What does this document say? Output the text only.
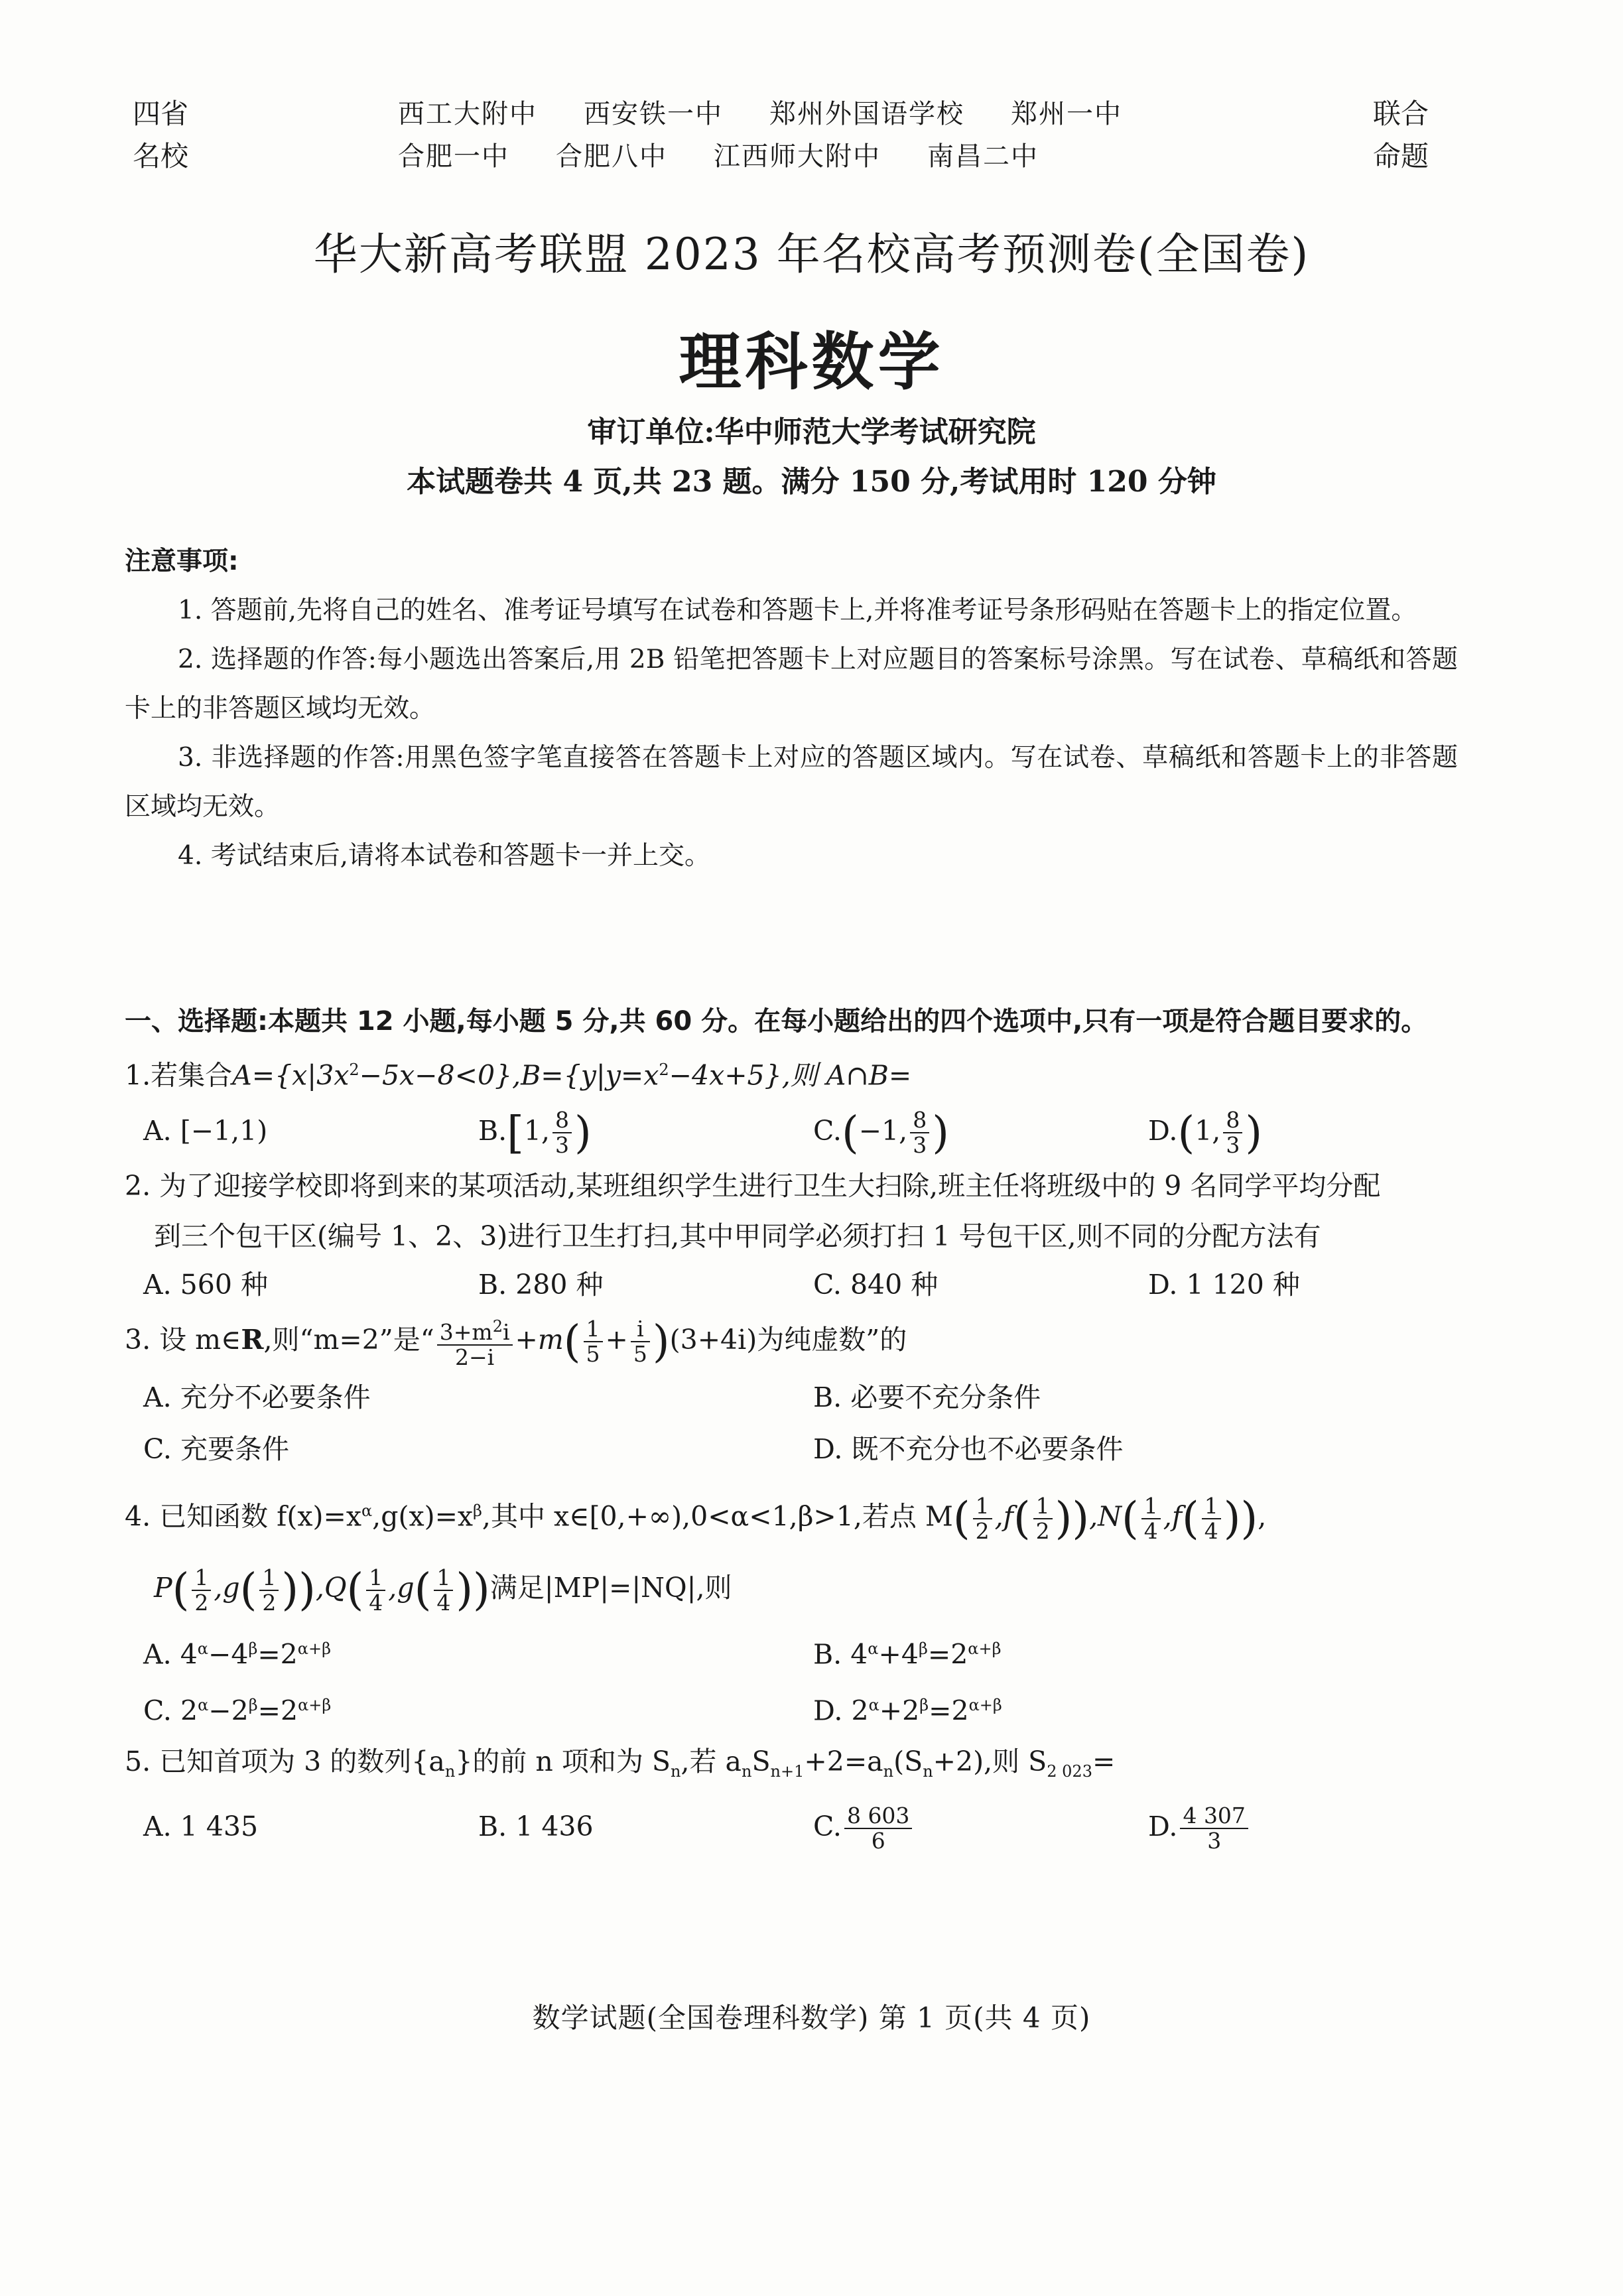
四省
名校
西工大附中 西安铁一中 郑州外国语学校 郑州一中
合肥一中 合肥八中 江西师大附中 南昌二中
联合
命题
华大新高考联盟 2023 年名校高考预测卷(全国卷)
理科数学
审订单位:华中师范大学考试研究院
本试题卷共 4 页,共 23 题。满分 150 分,考试用时 120 分钟
注意事项:

1. 答题前,先将自己的姓名、准考证号填写在试卷和答题卡上,并将准考证号条形码贴在答题卡上的指定位置。

2. 选择题的作答:每小题选出答案后,用 2B 铅笔把答题卡上对应题目的答案标号涂黑。写在试卷、草稿纸和答题卡上的非答题区域均无效。

3. 非选择题的作答:用黑色签字笔直接答在答题卡上对应的答题区域内。写在试卷、草稿纸和答题卡上的非答题区域均无效。

4. 考试结束后,请将本试卷和答题卡一并上交。

一、选择题:本题共 12 小题,每小题 5 分,共 60 分。在每小题给出的四个选项中,只有一项是符合题目要求的。
1.若集合$A=\{x|3x^2-5x-8<0\},B=\{y|y=x^2-4x+5\}$,则 A∩B=
A. [−1,1)	B.[1, $\frac{8}{3}$ )	C.(−1, $\frac{8}{3}$ )	D.(1, $\frac{8}{3}$ )
2. 为了迎接学校即将到来的某项活动,某班组织学生进行卫生大扫除,班主任将班级中的 9 名同学平均分配
到三个包干区(编号 1、2、3)进行卫生打扫,其中甲同学必须打扫 1 号包干区,则不同的分配方法有
A. 560 种	B. 280 种	C. 840 种	D. 1 120 种
3. 设 m∈R,则“m=2”是“ $\frac{3+m^2i}{2-i} +m( \frac{1}{5} + \frac{i}{5} )(3+4i)$为纯虚数”的
A. 充分不必要条件	B. 必要不充分条件
C. 充要条件	D. 既不充分也不必要条件
4. 已知函数 $f(x)=x^\alpha,g(x)=x^\beta$,其中 x∈[0,+∞),0<α<1,β>1,若点 $M( \frac{1}{2} ,f( \frac{1}{2} )),N( \frac{1}{4} ,f( \frac{1}{4}$ )),
$P( \frac{1}{2} ,g( \frac{1}{2} )),Q( \frac{1}{4} ,g( \frac{1}{4}$ ))满足|MP|=|NQ|,则
A. $4^\alpha-4^\beta=2^{\alpha+\beta}$	B. $4^\alpha+4^\beta=2^{\alpha+\beta}$
C. $2^\alpha-2^\beta=2^{\alpha+\beta}$	D. $2^\alpha+2^\beta=2^{\alpha+\beta}$
5. 已知首项为 3 的数列$\{a_n\}$的前 n 项和为 $S_n$,若 $a_nS_{n+1}+2=a_n(S_n+2)$,则 $S_{2 023}=$
A. 1 435	B. 1 436	C. $\frac{8 603}{6}$	D. $\frac{4 307}{3}$
数学试题(全国卷理科数学) 第 1 页(共 4 页)
